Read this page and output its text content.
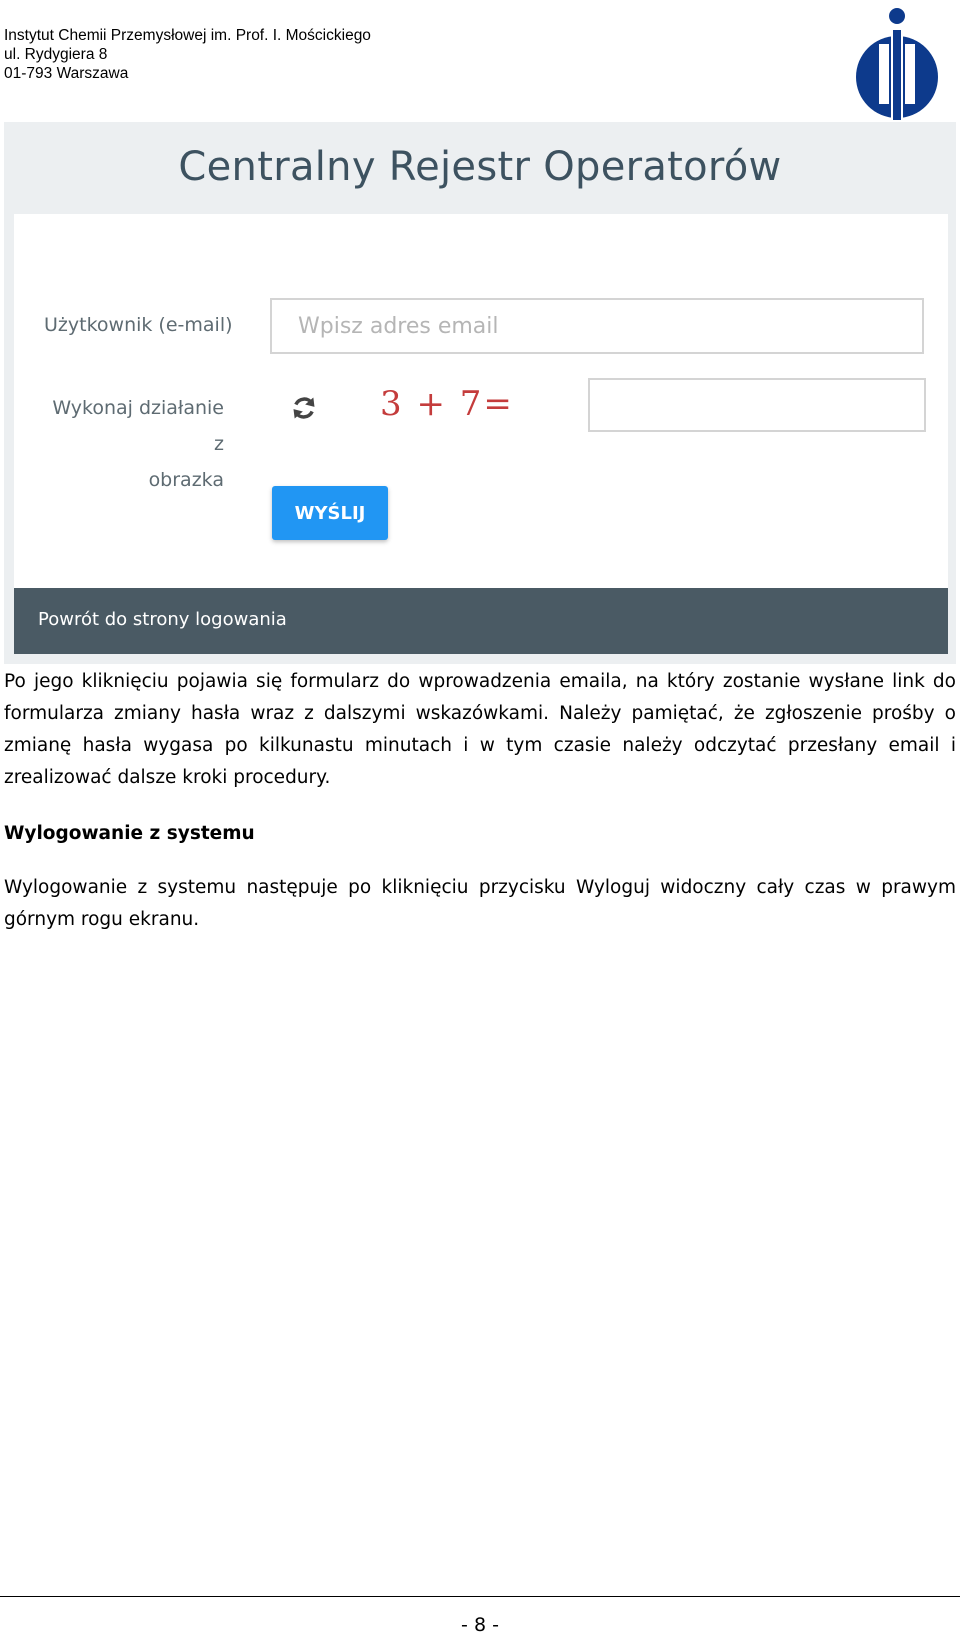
Instytut Chemii Przemysłowej im. Prof. I. Mościckiego
ul. Rydygiera 8
01-793 Warszawa
Centralny Rejestr Operatorów
Użytkownik (e-mail)
Wpisz adres email
Wykonaj działanie z
obrazka
3 + 7=
WYŚLIJ
Powrót do strony logowania
Po jego kliknięciu pojawia się formularz do wprowadzenia emaila, na który zostanie wysłane link do formularza zmiany hasła wraz z dalszymi wskazówkami. Należy pamiętać, że zgłoszenie prośby o zmianę hasła wygasa po kilkunastu minutach i w tym czasie należy odczytać przesłany email i zrealizować dalsze kroki procedury.
Wylogowanie z systemu
Wylogowanie z systemu następuje po kliknięciu przycisku Wyloguj widoczny cały czas w prawym górnym rogu ekranu.
- 8 -
